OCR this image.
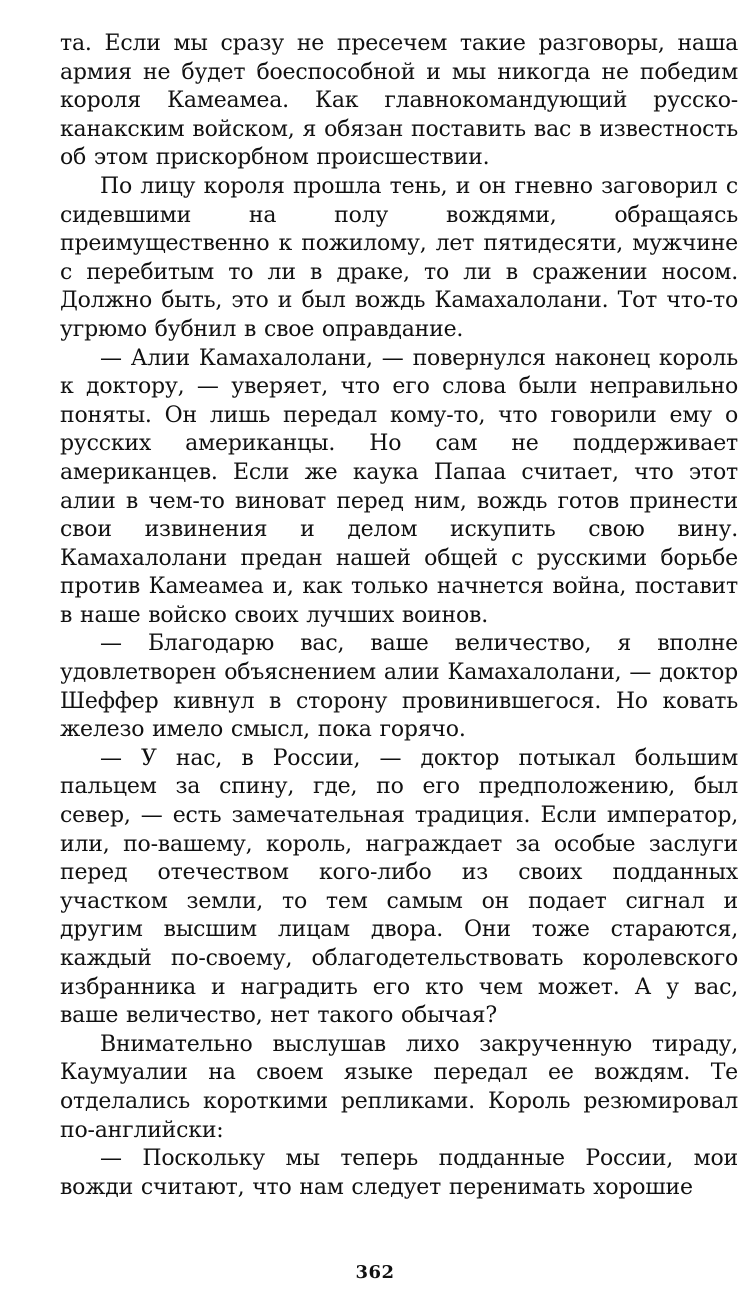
та. Если мы сразу не пресечем такие разговоры, наша армия не будет боеспособной и мы никогда не победим короля Камеамеа. Как главнокомандующий русско-канакским войском, я обязан поставить вас в известность об этом прискорбном происшествии.

По лицу короля прошла тень, и он гневно заговорил с сидевшими на полу вождями, обращаясь преимущественно к пожилому, лет пятидесяти, мужчине с перебитым то ли в драке, то ли в сражении носом. Должно быть, это и был вождь Камахалолани. Тот что-то угрюмо бубнил в свое оправдание.

— Алии Камахалолани, — повернулся наконец король к доктору, — уверяет, что его слова были неправильно поняты. Он лишь передал кому-то, что говорили ему о русских американцы. Но сам не поддерживает американцев. Если же каука Папаа считает, что этот алии в чем-то виноват перед ним, вождь готов принести свои извинения и делом искупить свою вину. Камахалолани предан нашей общей с русскими борьбе против Камеамеа и, как только начнется война, поставит в наше войско своих лучших воинов.

— Благодарю вас, ваше величество, я вполне удовлетворен объяснением алии Камахалолани, — доктор Шеффер кивнул в сторону провинившегося. Но ковать железо имело смысл, пока горячо.

— У нас, в России, — доктор потыкал большим пальцем за спину, где, по его предположению, был север, — есть замечательная традиция. Если император, или, по-вашему, король, награждает за особые заслуги перед отечеством кого-либо из своих подданных участком земли, то тем самым он подает сигнал и другим высшим лицам двора. Они тоже стараются, каждый по-своему, облагодетельствовать королевского избранника и наградить его кто чем может. А у вас, ваше величество, нет такого обычая?

Внимательно выслушав лихо закрученную тираду, Каумуалии на своем языке передал ее вождям. Те отделались короткими репликами. Король резюмировал по-английски:

— Поскольку мы теперь подданные России, мои вожди считают, что нам следует перенимать хорошие

362
